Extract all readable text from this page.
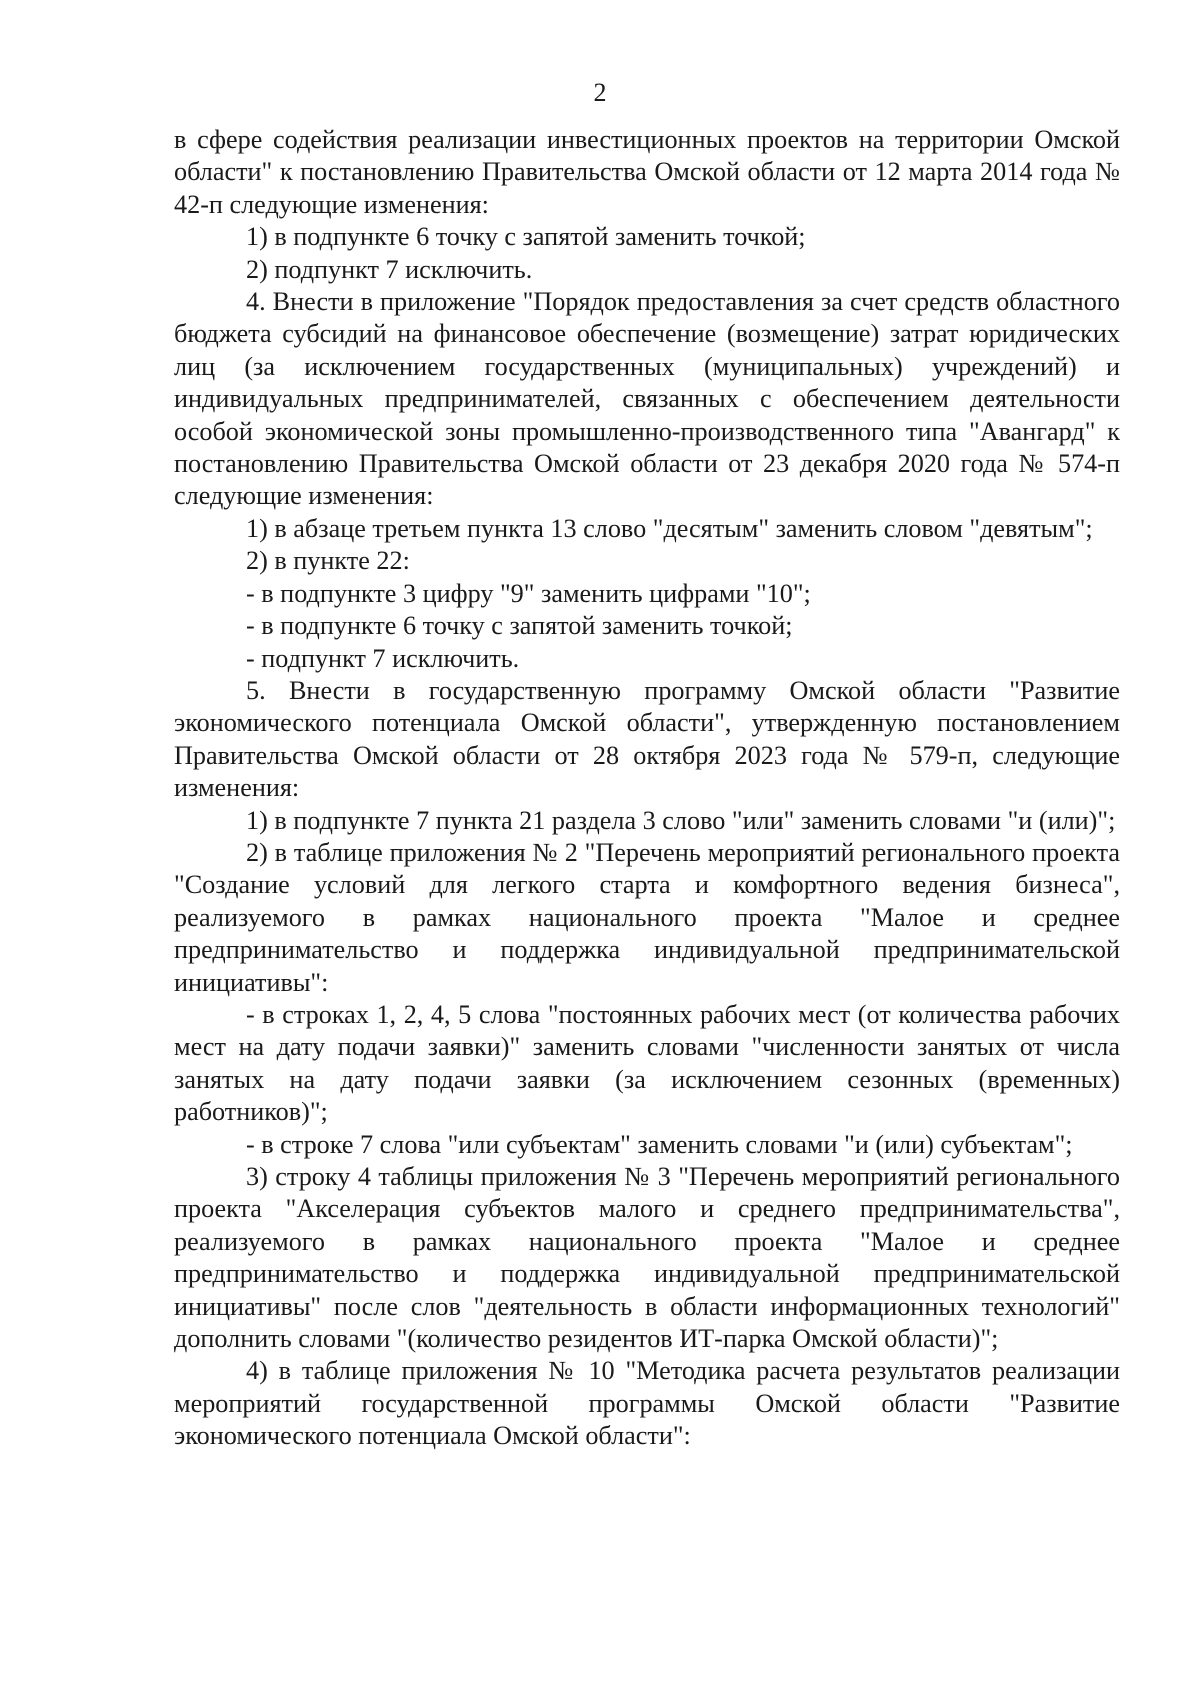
2

в сфере содействия реализации инвестиционных проектов на территории Омской области" к постановлению Правительства Омской области от 12 марта 2014 года № 42-п следующие изменения:

1) в подпункте 6 точку с запятой заменить точкой;

2) подпункт 7 исключить.

4. Внести в приложение "Порядок предоставления за счет средств областного бюджета субсидий на финансовое обеспечение (возмещение) затрат юридических лиц (за исключением государственных (муниципальных) учреждений) и индивидуальных предпринимателей, связанных с обеспечением деятельности особой экономической зоны промышленно-производственного типа "Авангард" к постановлению Правительства Омской области от 23 декабря 2020 года № 574-п следующие изменения:

1) в абзаце третьем пункта 13 слово "десятым" заменить словом "девятым";

2) в пункте 22:

- в подпункте 3 цифру "9" заменить цифрами "10";

- в подпункте 6 точку с запятой заменить точкой;

- подпункт 7 исключить.

5. Внести в государственную программу Омской области "Развитие экономического потенциала Омской области", утвержденную постановлением Правительства Омской области от 28 октября 2023 года № 579-п, следующие изменения:

1) в подпункте 7 пункта 21 раздела 3 слово "или" заменить словами "и (или)";

2) в таблице приложения № 2 "Перечень мероприятий регионального проекта "Создание условий для легкого старта и комфортного ведения бизнеса", реализуемого в рамках национального проекта "Малое и среднее предпринимательство и поддержка индивидуальной предпринимательской инициативы":

- в строках 1, 2, 4, 5 слова "постоянных рабочих мест (от количества рабочих мест на дату подачи заявки)" заменить словами "численности занятых от числа занятых на дату подачи заявки (за исключением сезонных (временных) работников)";

- в строке 7 слова "или субъектам" заменить словами "и (или) субъектам";

3) строку 4 таблицы приложения № 3 "Перечень мероприятий регионального проекта "Акселерация субъектов малого и среднего предпринимательства", реализуемого в рамках национального проекта "Малое и среднее предпринимательство и поддержка индивидуальной предпринимательской инициативы" после слов "деятельность в области информационных технологий" дополнить словами "(количество резидентов ИТ-парка Омской области)";

4) в таблице приложения № 10 "Методика расчета результатов реализации мероприятий государственной программы Омской области "Развитие экономического потенциала Омской области":
